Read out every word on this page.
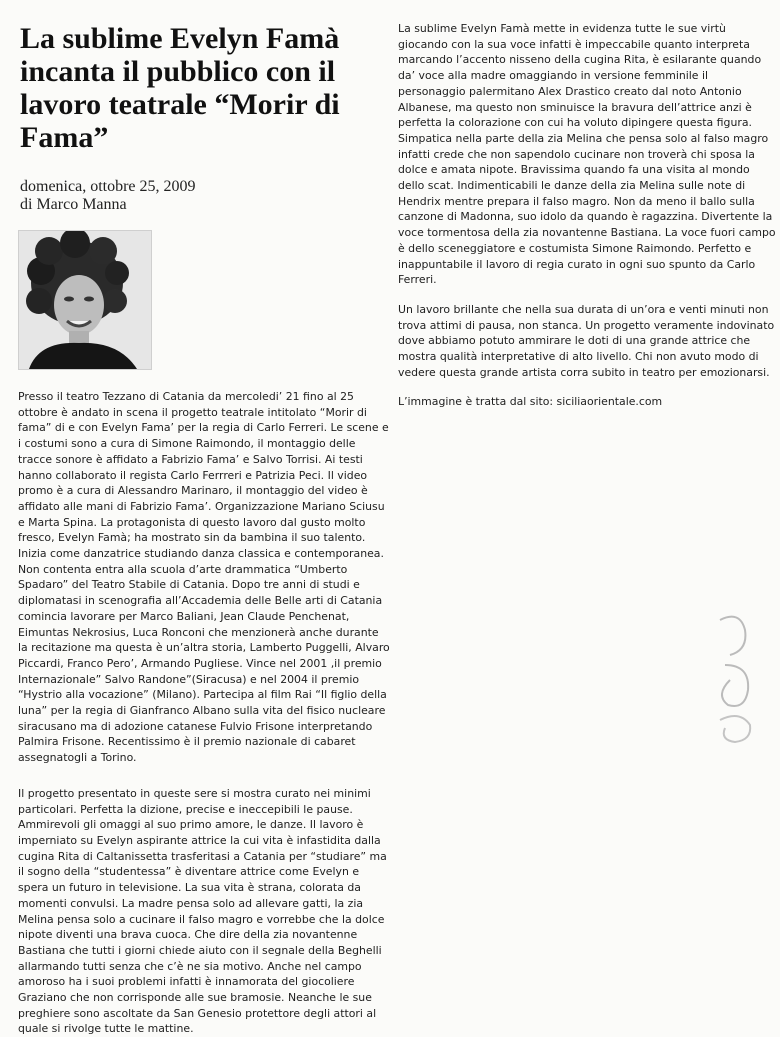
La sublime Evelyn Famà incanta il pubblico con il lavoro teatrale “Morir di Fama”
domenica, ottobre 25, 2009
di Marco Manna

Presso il teatro Tezzano di Catania da mercoledi’ 21 fino al 25 ottobre è andato in scena il progetto teatrale intitolato “Morir di fama” di e con Evelyn Fama’ per la regia di Carlo Ferreri. Le scene e i costumi sono a cura di Simone Raimondo, il montaggio delle tracce sonore è affidato a Fabrizio Fama’ e Salvo Torrisi. Ai testi hanno collaborato il regista Carlo Ferrreri e Patrizia Peci. Il video promo è a cura di Alessandro Marinaro, il montaggio del video è affidato alle mani di Fabrizio Fama’. Organizzazione Mariano Sciusu e Marta Spina. La protagonista di questo lavoro dal gusto molto fresco, Evelyn Famà; ha mostrato sin da bambina il suo talento. Inizia come danzatrice studiando danza classica e contemporanea. Non contenta entra alla scuola d’arte drammatica “Umberto Spadaro” del Teatro Stabile di Catania. Dopo tre anni di studi e diplomatasi in scenografia all’Accademia delle Belle arti di Catania comincia lavorare per Marco Baliani, Jean Claude Penchenat, Eimuntas Nekrosius, Luca Ronconi che menzionerà anche durante la recitazione ma questa è un’altra storia, Lamberto Puggelli, Alvaro Piccardi, Franco Pero’, Armando Pugliese. Vince nel 2001 ,il premio Internazionale” Salvo Randone”(Siracusa) e nel 2004 il premio “Hystrio alla vocazione” (Milano). Partecipa al film Rai “Il figlio della luna” per la regia di Gianfranco Albano sulla vita del fisico nucleare siracusano ma di adozione catanese Fulvio Frisone interpretando Palmira Frisone. Recentissimo è il premio nazionale di cabaret assegnatogli a Torino.

Il progetto presentato in queste sere si mostra curato nei minimi particolari. Perfetta la dizione, precise e ineccepibili le pause. Ammirevoli gli omaggi al suo primo amore, le danze. Il lavoro è imperniato su Evelyn aspirante attrice la cui vita è infastidita dalla cugina Rita di Caltanissetta trasferitasi a Catania per “studiare” ma il sogno della “studentessa” è diventare attrice come Evelyn e spera un futuro in televisione. La sua vita è strana, colorata da momenti convulsi. La madre pensa solo ad allevare gatti, la zia Melina pensa solo a cucinare il falso magro e vorrebbe che la dolce nipote diventi una brava cuoca. Che dire della zia novantenne Bastiana che tutti i giorni chiede aiuto con il segnale della Beghelli allarmando tutti senza che c’è ne sia motivo. Anche nel campo amoroso ha i suoi problemi infatti è innamorata del giocoliere Graziano che non corrisponde alle sue bramosie. Neanche le sue preghiere sono ascoltate da San Genesio protettore degli attori al quale si rivolge tutte le mattine.

La sublime Evelyn Famà mette in evidenza tutte le sue virtù giocando con la sua voce infatti è impeccabile quanto interpreta marcando l’accento nisseno della cugina Rita, è esilarante quando da’ voce alla madre omaggiando in versione femminile il personaggio palermitano Alex Drastico creato dal noto Antonio Albanese, ma questo non sminuisce la bravura dell’attrice anzi è perfetta la colorazione con cui ha voluto dipingere questa figura. Simpatica nella parte della zia Melina che pensa solo al falso magro infatti crede che non sapendolo cucinare non troverà chi sposa la dolce e amata nipote. Bravissima quando fa una visita al mondo dello scat. Indimenticabili le danze della zia Melina sulle note di Hendrix mentre prepara il falso magro. Non da meno il ballo sulla canzone di Madonna, suo idolo da quando è ragazzina. Divertente la voce tormentosa della zia novantenne Bastiana. La voce fuori campo è dello sceneggiatore e costumista Simone Raimondo. Perfetto e inappuntabile il lavoro di regia curato in ogni suo spunto da Carlo Ferreri.

Un lavoro brillante che nella sua durata di un’ora e venti minuti non trova attimi di pausa, non stanca. Un progetto veramente indovinato dove abbiamo potuto ammirare le doti di una grande attrice che mostra qualità interpretative di alto livello. Chi non avuto modo di vedere questa grande artista corra subito in teatro per emozionarsi.

L’immagine è tratta dal sito: siciliaorientale.com
